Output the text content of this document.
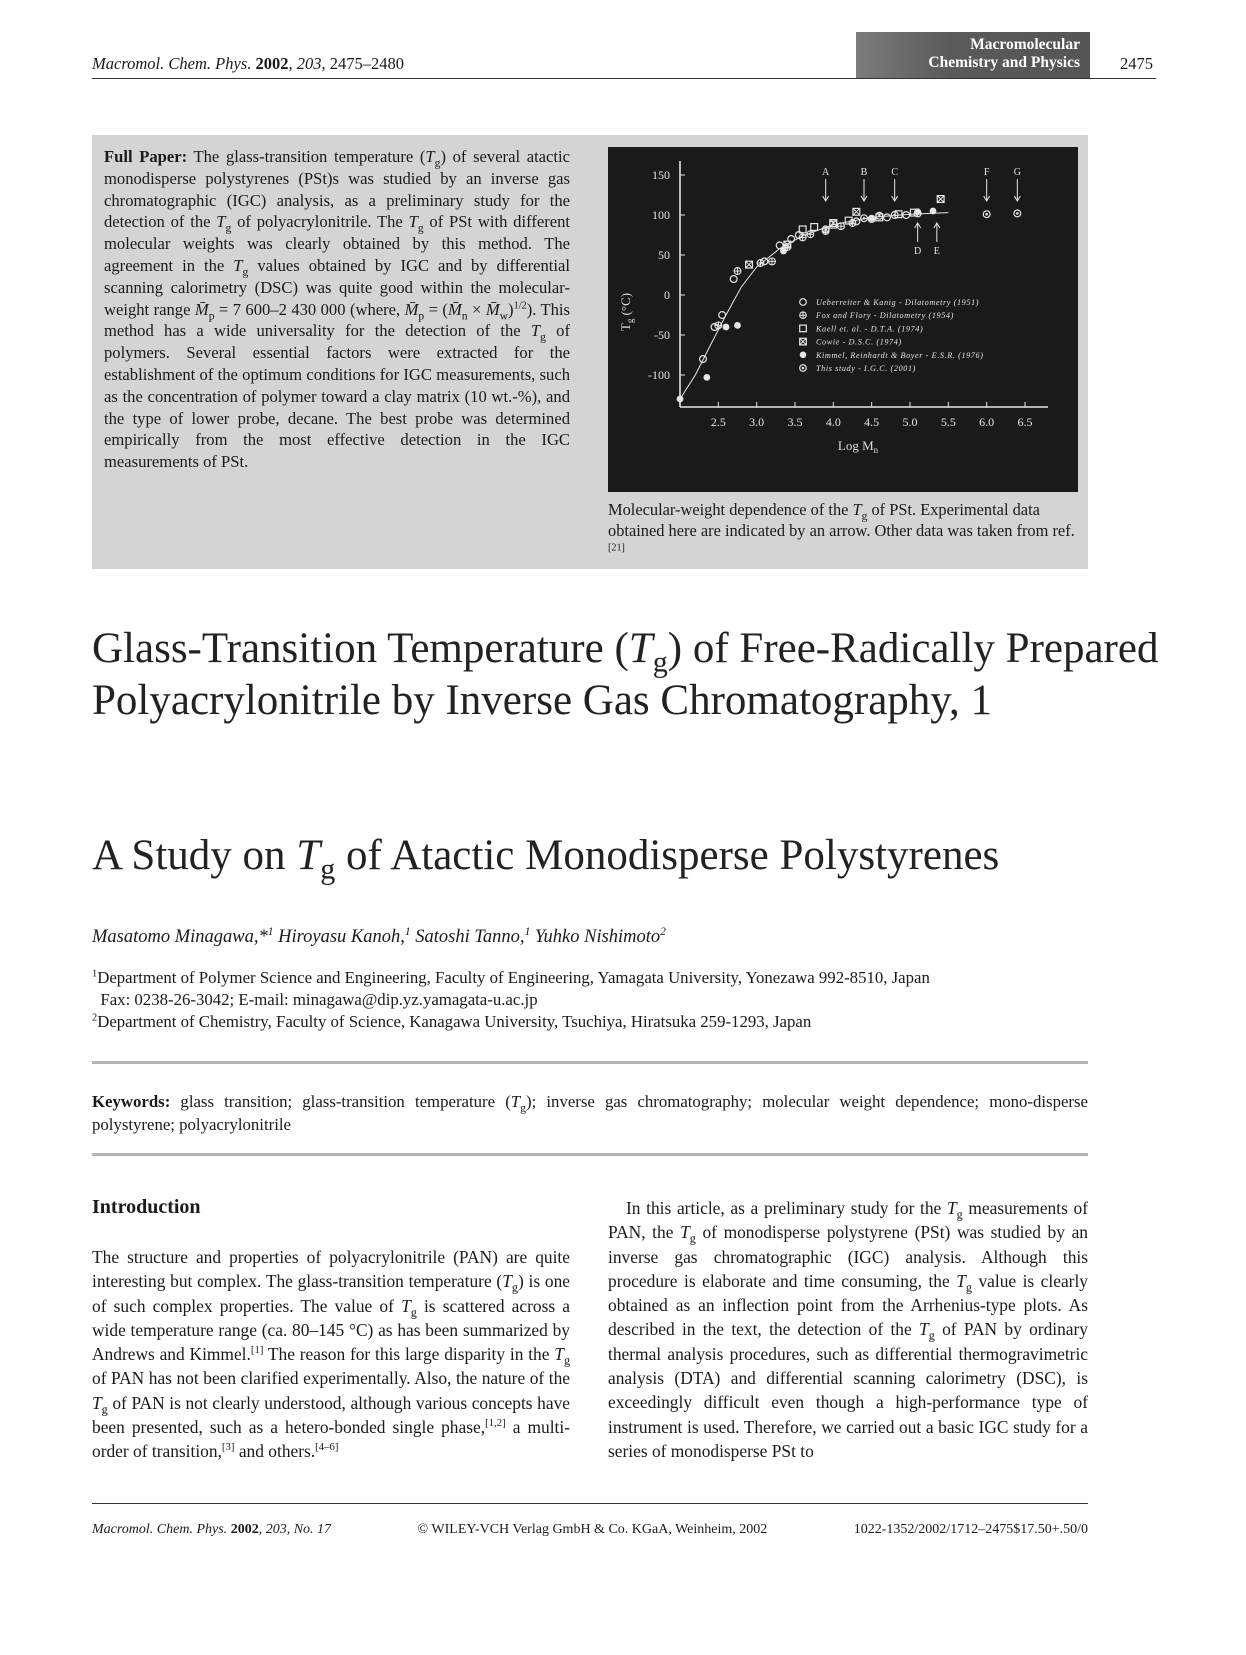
Macromol. Chem. Phys. 2002, 203, 2475–2480
Macromolecular
Chemistry and Physics 2475
Full Paper: The glass-transition temperature $(T_g)$ of several atactic monodisperse polystyrenes (PSt)s was studied by an inverse gas chromatographic (IGC) analysis, as a preliminary study for the detection of the $T_g$ of polyacrylonitrile. The $T_g$ of PSt with different molecular weights was clearly obtained by this method. The agreement in the $T_g$ values obtained by IGC and by differential scanning calorimetry (DSC) was quite good within the molecular-weight range $M̄_p = 7$ 600–2 430 000 (where, $M̄_p$ = ($M̄_n$ × $M̄_w)^{1/2}$). This method has a wide universality for the detection of the $T_g$ of polymers. Several essential factors were extracted for the establishment of the optimum conditions for IGC measurements, such as the concentration of polymer toward a clay matrix (10 wt.-%), and the type of lower probe, decane. The best probe was determined empirically from the most effective detection in the IGC measurements of PSt.
2.5 3.0 3.5 4.0 4.5 5.0 5.5 6.0 6.5
150
100
50
0
-50
-100
A	B C
D E
F G
Ueberreiter & Kanig - Dilatometry (1951)
Fox and Flory - Dilatometry (1954)
Kaell et. al. - D.T.A. (1974)
Cowie - D.S.C. (1974)
Kimmel, Reinhardt & Boyer - E.S.R. (1976)
This study - I.G.C. (2001)
$T_g$ (°C)
Log $M_n$
Molecular-weight dependence of the $T_g$ of PSt. Experimental data obtained here are indicated by an arrow. Other data was taken from ref.[21]
Glass-Transition Temperature $(T_g)$ of Free-Radically Prepared Polyacrylonitrile by Inverse Gas Chromatography, 1
A Study on $T_g$ of Atactic Monodisperse Polystyrenes
Masatomo Minagawa,*$^1$ Hiroyasu Kanoh,$^1$ Satoshi Tanno,$^1$ Yuhko Nishimoto$^2$
$^1$Department of Polymer Science and Engineering, Faculty of Engineering, Yamagata University, Yonezawa 992-8510, Japan
Fax: 0238-26-3042; E-mail: minagawa@dip.yz.yamagata-u.ac.jp
$^2$Department of Chemistry, Faculty of Science, Kanagawa University, Tsuchiya, Hiratsuka 259-1293, Japan
Keywords: glass transition; glass-transition temperature $(T_g)$; inverse gas chromatography; molecular weight dependence; mono-disperse polystyrene; polyacrylonitrile
Introduction
The structure and properties of polyacrylonitrile (PAN) are quite interesting but complex. The glass-transition temperature $(T_g)$ is one of such complex properties. The value of $T_g$ is scattered across a wide temperature range (ca. 80–145 °C) as has been summarized by Andrews and Kimmel.[1] The reason for this large disparity in the $T_g$ of PAN has not been clarified experimentally. Also, the nature of the $T_g$ of PAN is not clearly understood, although various concepts have been presented, such as a hetero-bonded single phase,[1,2] a multi-order of transition,[3] and others.[4–6]
In this article, as a preliminary study for the $T_g$ measurements of PAN, the $T_g$ of monodisperse polystyrene (PSt) was studied by an inverse gas chromatographic (IGC) analysis. Although this procedure is elaborate and time consuming, the $T_g$ value is clearly obtained as an inflection point from the Arrhenius-type plots. As described in the text, the detection of the $T_g$ of PAN by ordinary thermal analysis procedures, such as differential thermogravimetric analysis (DTA) and differential scanning calorimetry (DSC), is exceedingly difficult even though a high-performance type of instrument is used. Therefore, we carried out a basic IGC study for a series of monodisperse PSt to
Macromol. Chem. Phys. 2002, 203, No. 17	© WILEY-VCH Verlag GmbH & Co. KGaA, Weinheim, 2002	1022-1352/2002/1712–2475$17.50+.50/0
